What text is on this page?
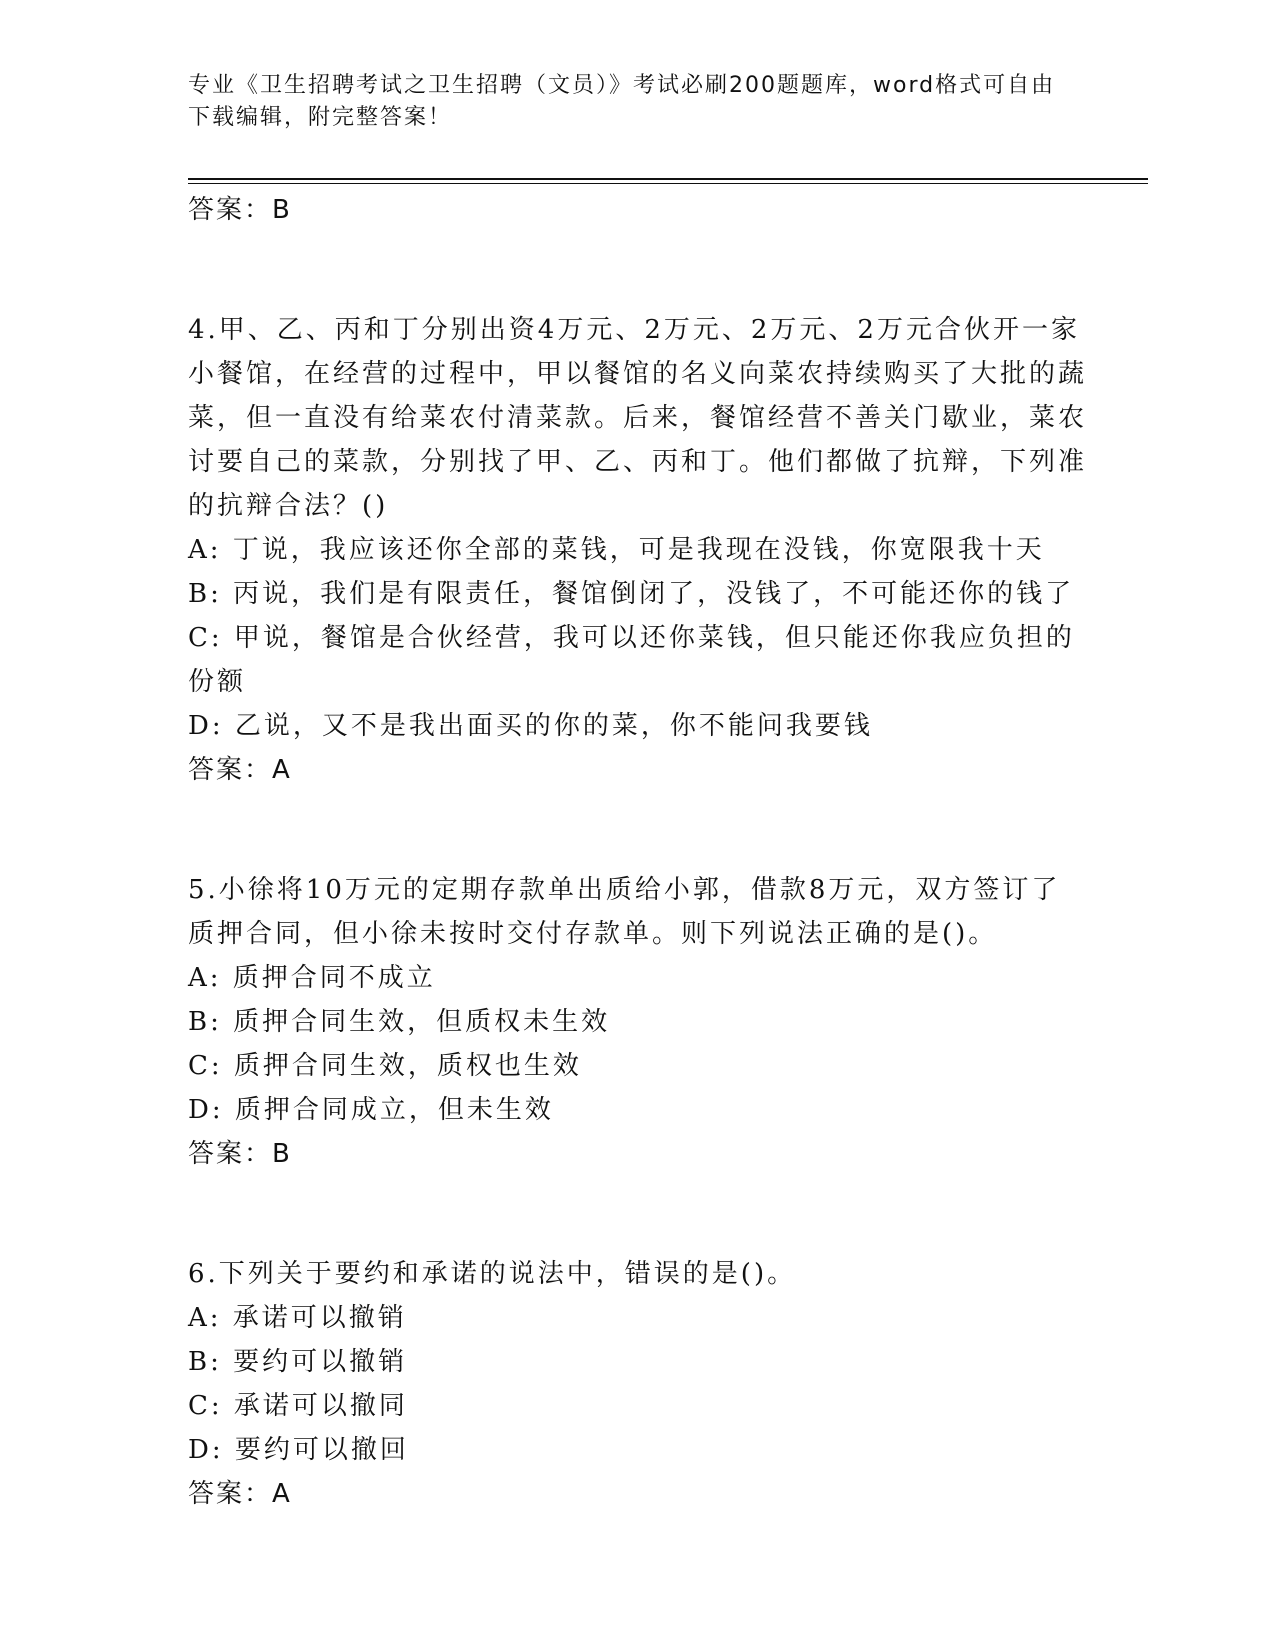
专业《卫生招聘考试之卫生招聘（文员）》考试必刷200题题库，word格式可自由下载编辑，附完整答案！
答案：B
4.甲、乙、丙和丁分别出资4万元、2万元、2万元、2万元合伙开一家小餐馆，在经营的过程中，甲以餐馆的名义向菜农持续购买了大批的蔬菜，但一直没有给菜农付清菜款。后来，餐馆经营不善关门歇业，菜农讨要自己的菜款，分别找了甲、乙、丙和丁。他们都做了抗辩，下列准的抗辩合法？()
A: 丁说，我应该还你全部的菜钱，可是我现在没钱，你宽限我十天
B: 丙说，我们是有限责任，餐馆倒闭了，没钱了，不可能还你的钱了
C: 甲说，餐馆是合伙经营，我可以还你菜钱，但只能还你我应负担的份额
D: 乙说，又不是我出面买的你的菜，你不能问我要钱
答案：A
5.小徐将10万元的定期存款单出质给小郭，借款8万元，双方签订了质押合同，但小徐未按时交付存款单。则下列说法正确的是()。
A: 质押合同不成立
B: 质押合同生效，但质权未生效
C: 质押合同生效，质权也生效
D: 质押合同成立，但未生效
答案：B
6.下列关于要约和承诺的说法中，错误的是()。
A: 承诺可以撤销
B: 要约可以撤销
C: 承诺可以撤同
D: 要约可以撤回
答案：A
